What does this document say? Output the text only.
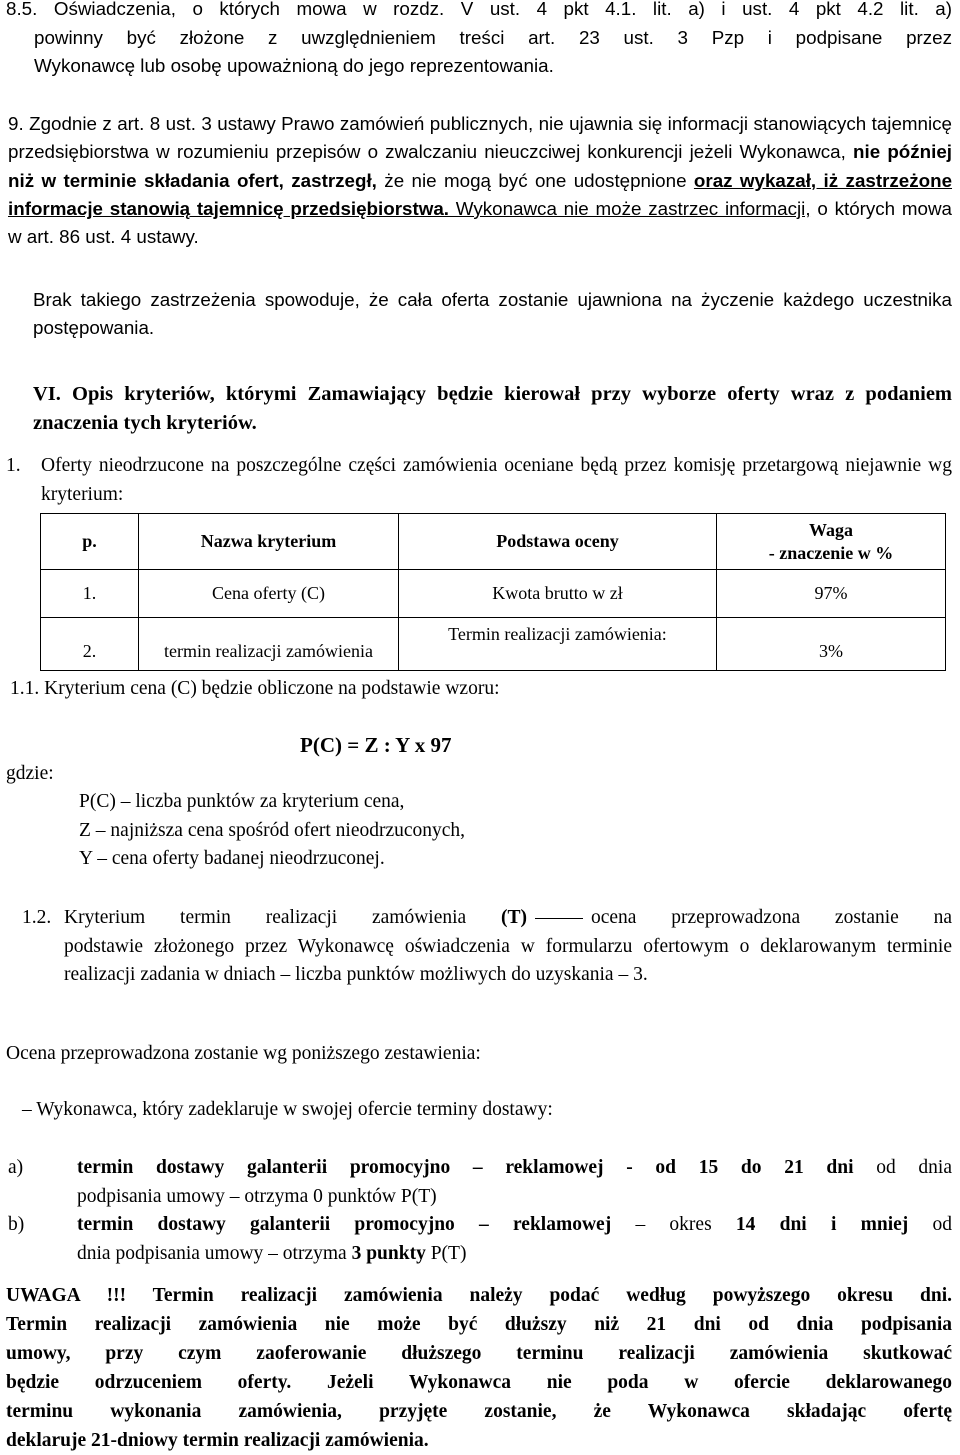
8.5. Oświadczenia, o których mowa w rozdz. V ust. 4 pkt 4.1. lit. a) i ust. 4 pkt 4.2 lit. a)
powinny być złożone z uwzględnieniem treści art. 23 ust. 3 Pzp i podpisane przez
Wykonawcę lub osobę upoważnioną do jego reprezentowania.
9. Zgodnie z art. 8 ust. 3 ustawy Prawo zamówień publicznych, nie ujawnia się informacji stanowiących tajemnicę przedsiębiorstwa w rozumieniu przepisów o zwalczaniu nieuczciwej konkurencji jeżeli Wykonawca, nie później niż w terminie składania ofert, zastrzegł, że nie mogą być one udostępnione oraz wykazał, iż zastrzeżone informacje stanowią tajemnicę przedsiębiorstwa. Wykonawca nie może zastrzec informacji, o których mowa w art. 86 ust. 4 ustawy.
Brak takiego zastrzeżenia spowoduje, że cała oferta zostanie ujawniona na życzenie każdego uczestnika postępowania.
VI. Opis kryteriów, którymi Zamawiający będzie kierował przy wyborze oferty wraz z podaniem znaczenia tych kryteriów.
1. Oferty nieodrzucone na poszczególne części zamówienia oceniane będą przez komisję przetargową niejawnie wg kryterium:
p.	Nazwa kryterium	Podstawa oceny	Waga
- znaczenie w %

1.	Cena oferty (C)	Kwota brutto w zł	97%
2.	termin realizacji zamówienia	Termin realizacji zamówienia:	3%
1.1. Kryterium cena (C) będzie obliczone na podstawie wzoru:
P(C) = Z : Y x 97
gdzie:
P(C) – liczba punktów za kryterium cena,
Z – najniższa cena spośród ofert nieodrzuconych,
Y – cena oferty badanej nieodrzuconej.
1.2. Kryterium termin realizacji zamówienia (T)	ocena przeprowadzona zostanie na
podstawie złożonego przez Wykonawcę oświadczenia w formularzu ofertowym o deklarowanym terminie realizacji zadania w dniach – liczba punktów możliwych do uzyskania – 3.
Ocena przeprowadzona zostanie wg poniższego zestawienia:
– Wykonawca, który zadeklaruje w swojej ofercie terminy dostawy:
a)	termin dostawy galanterii promocyjno – reklamowej - od 15 do 21 dni od dnia
podpisania umowy – otrzyma 0 punktów P(T)
b)	termin dostawy galanterii promocyjno – reklamowej – okres 14 dni i mniej od
dnia podpisania umowy – otrzyma 3 punkty P(T)
UWAGA !!! Termin realizacji zamówienia należy podać według powyższego okresu dni.
Termin realizacji zamówienia nie może być dłuższy niż 21 dni od dnia podpisania
umowy, przy czym zaoferowanie dłuższego terminu realizacji zamówienia skutkować
będzie odrzuceniem oferty. Jeżeli Wykonawca nie poda w ofercie deklarowanego
terminu wykonania zamówienia, przyjęte zostanie, że Wykonawca składając ofertę
deklaruje 21-dniowy termin realizacji zamówienia.
